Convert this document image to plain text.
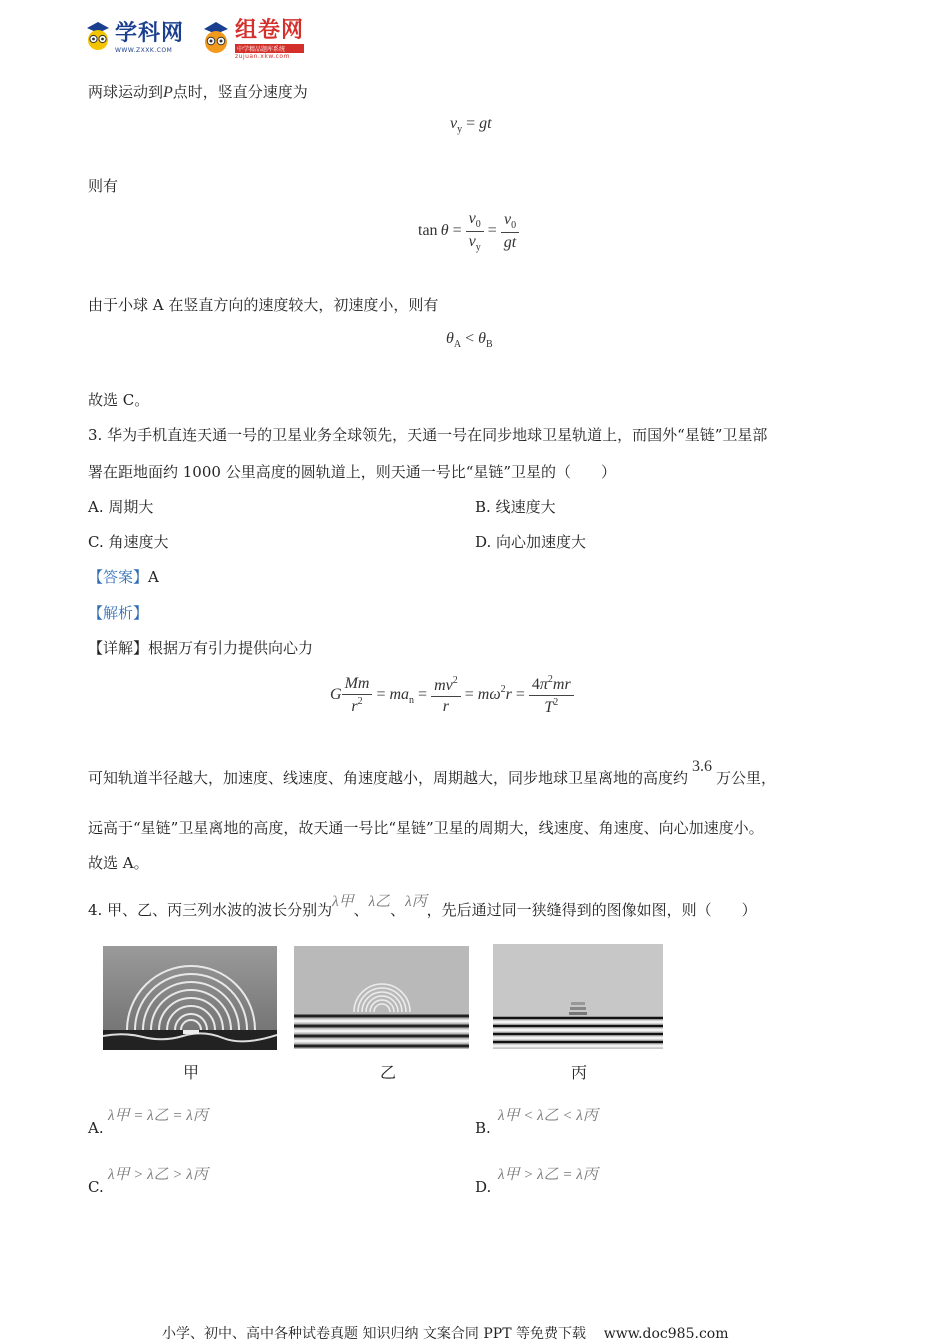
学科网
WWW.ZXXK.COM
组卷网
中学精品题库系统
zujuan.xkw.com
两球运动到P点时，竖直分速度为
$v_y$ = gt
则有
$\tan \theta = \frac{v_0}{v_y} = \frac{v_0}{gt}$
由于小球 A 在竖直方向的速度较大，初速度小，则有
$\theta_A < \theta_B$
故选 C。
3. 华为手机直连天通一号的卫星业务全球领先，天通一号在同步地球卫星轨道上，而国外“星链”卫星部
署在距地面约 1000 公里高度的圆轨道上，则天通一号比“星链”卫星的（　　）
A. 周期大	B. 线速度大
C. 角速度大	D. 向心加速度大
【答案】A
【解析】
【详解】根据万有引力提供向心力
G $\frac{Mm}{r^2} = ma_n = \frac{mv^2}{r} = m\omega^2r = \frac{4\pi^2mr}{T^2}$
可知轨道半径越大，加速度、线速度、角速度越小，周期越大，同步地球卫星离地的高度约3.6万公里，
远高于“星链”卫星离地的高度，故天通一号比“星链”卫星的周期大，线速度、角速度、向心加速度小。
故选 A。
4. 甲、乙、丙三列水波的波长分别为λ甲、λ乙、λ丙，先后通过同一狭缝得到的图像如图，则（　　）
甲	乙	丙
A.
λ甲 = λ乙 = λ丙
B.
λ甲 < λ乙 < λ丙
C.
λ甲 > λ乙 > λ丙
D.
λ甲 > λ乙 = λ丙
小学、初中、高中各种试卷真题 知识归纳 文案合同 PPT 等免费下载 www.doc985.com
